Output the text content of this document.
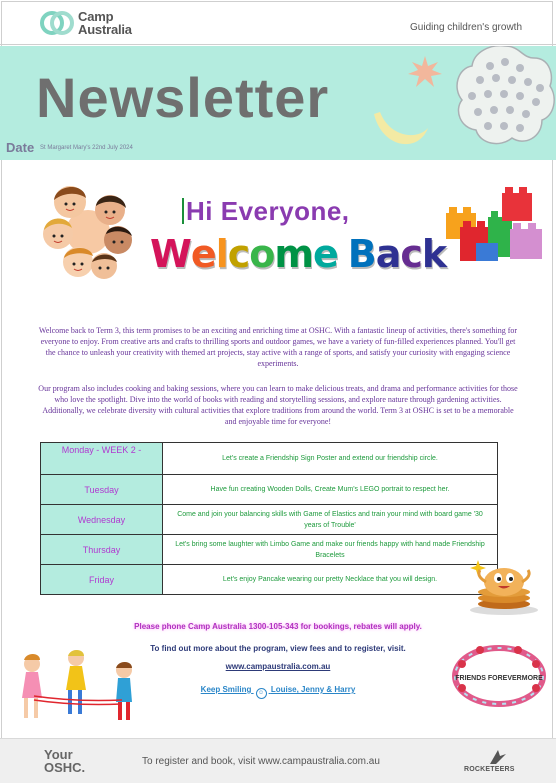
Camp
Australia	Guiding children's growth
Newsletter
Date St Margaret Mary's 22nd July 2024
Hi Everyone,
Welcome Back
Welcome back to Term 3, this term promises to be an exciting and enriching time at OSHC. With a fantastic lineup of activities, there's something for everyone to enjoy. From creative arts and crafts to thrilling sports and outdoor games, we have a variety of fun-filled experiences planned. You'll get the chance to unleash your creativity with themed art projects, stay active with a range of sports, and satisfy your curiosity with engaging science experiments.
Our program also includes cooking and baking sessions, where you can learn to make delicious treats, and drama and performance activities for those who love the spotlight. Dive into the world of books with reading and storytelling sessions, and explore nature through gardening activities. Additionally, we celebrate diversity with cultural activities that explore traditions from around the world. Term 3 at OSHC is set to be a memorable and enjoyable time for everyone!
Monday - WEEK 2 -	Let's create a Friendship Sign Poster and extend our friendship circle.
Tuesday	Have fun creating Wooden Dolls, Create Mum's LEGO portrait to respect her.
Wednesday	Come and join your balancing skills with Game of Elastics and train your mind with board game '30 years of Trouble'
Thursday	Let's bring some laughter with Limbo Game and make our friends happy with hand made Friendship Bracelets
Friday	Let's enjoy Pancake wearing our pretty Necklace that you will design.
Please phone Camp Australia 1300-105-343 for bookings, rebates will apply.
To find out more about the program, view fees and to register, visit.
www.campaustralia.com.au
Keep Smiling ☺ Louise, Jenny & Harry
FRIENDS FOREVERMORE
Your
OSHC.	To register and book, visit www.campaustralia.com.au
ROCKETEERS
